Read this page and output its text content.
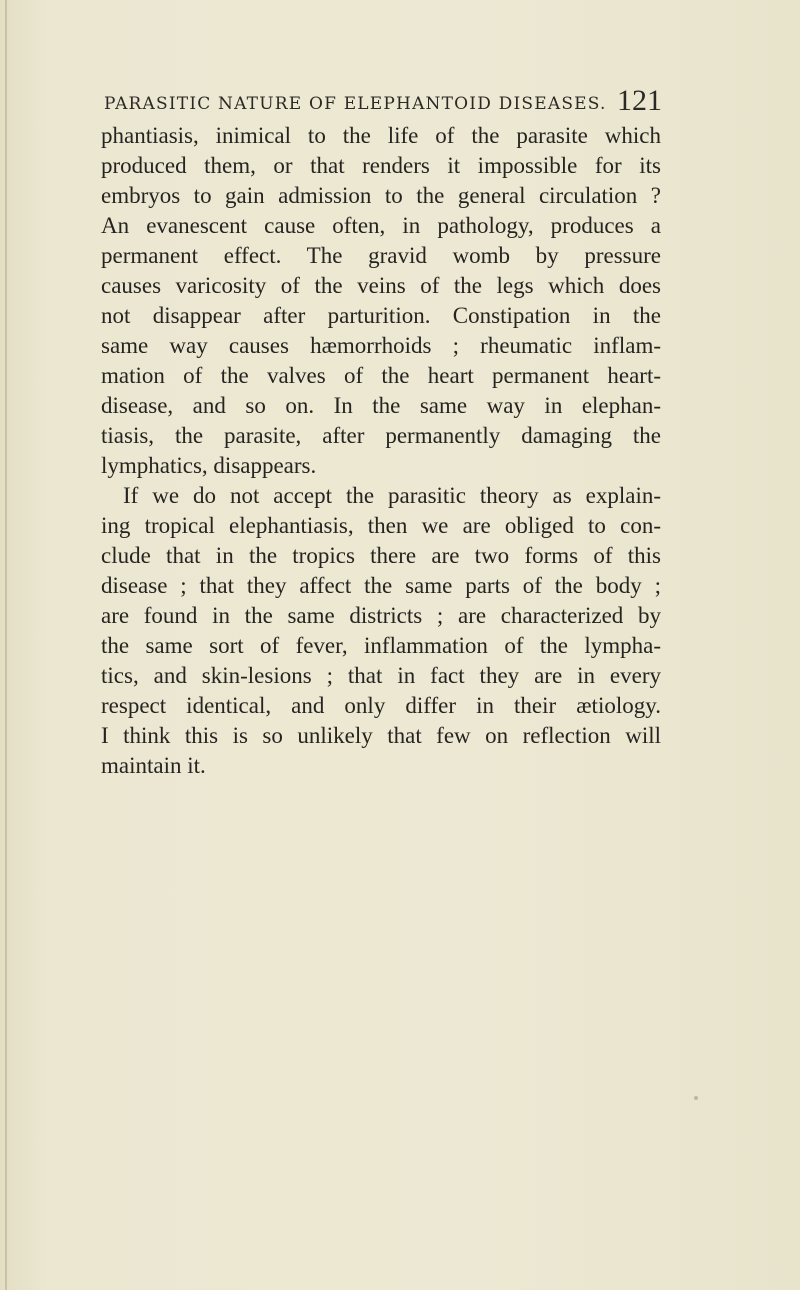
PARASITIC NATURE OF ELEPHANTOID DISEASES. 121
phantiasis, inimical to the life of the parasite which
produced them, or that renders it impossible for its
embryos to gain admission to the general circulation ?
An evanescent cause often, in pathology, produces a
permanent effect. The gravid womb by pressure
causes varicosity of the veins of the legs which does
not disappear after parturition. Constipation in the
same way causes hæmorrhoids ; rheumatic inflam-
mation of the valves of the heart permanent heart-
disease, and so on. In the same way in elephan-
tiasis, the parasite, after permanently damaging the
lymphatics, disappears.
If we do not accept the parasitic theory as explain-
ing tropical elephantiasis, then we are obliged to con-
clude that in the tropics there are two forms of this
disease ; that they affect the same parts of the body ;
are found in the same districts ; are characterized by
the same sort of fever, inflammation of the lympha-
tics, and skin-lesions ; that in fact they are in every
respect identical, and only differ in their ætiology.
I think this is so unlikely that few on reflection will
maintain it.
